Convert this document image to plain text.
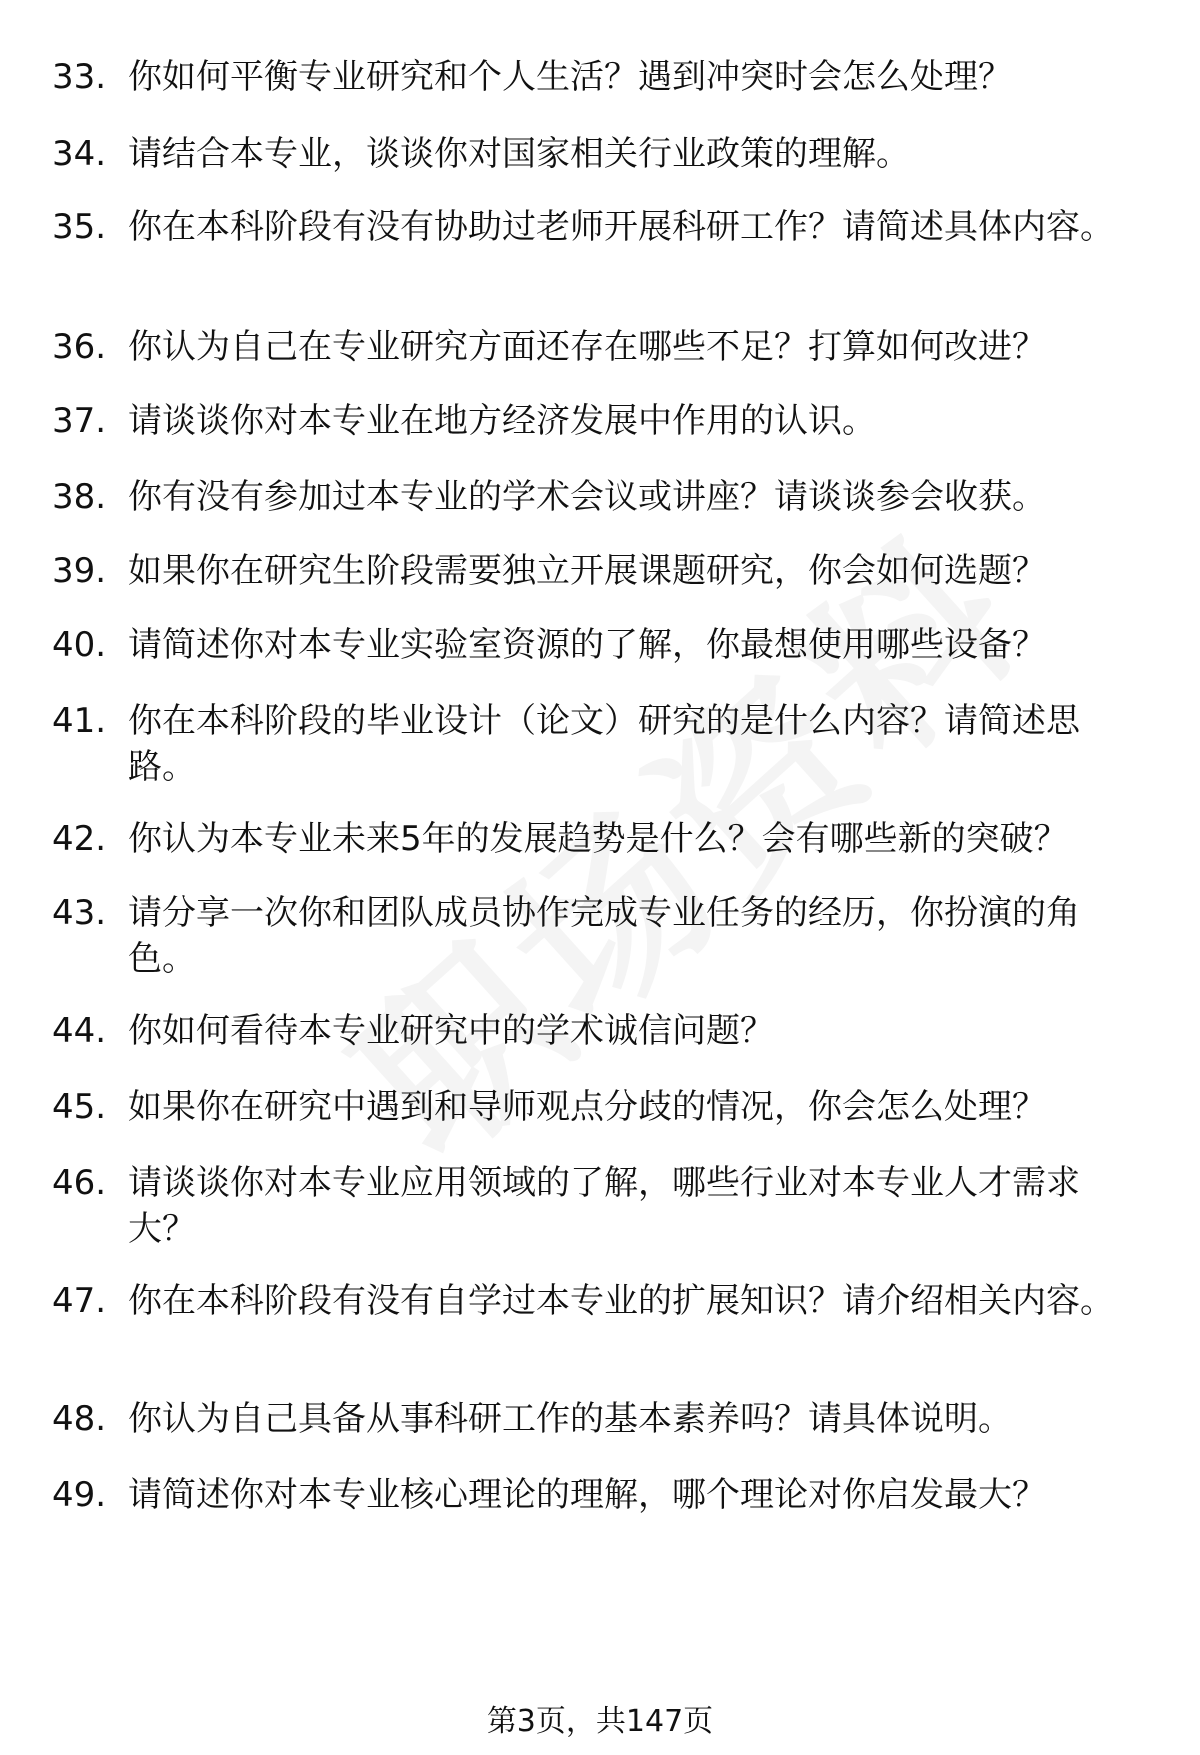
33. 你如何平衡专业研究和个人生活？遇到冲突时会怎么处理？
34. 请结合本专业，谈谈你对国家相关行业政策的理解。
35. 你在本科阶段有没有协助过老师开展科研工作？请简述具体内容。
36. 你认为自己在专业研究方面还存在哪些不足？打算如何改进？
37. 请谈谈你对本专业在地方经济发展中作用的认识。
38. 你有没有参加过本专业的学术会议或讲座？请谈谈参会收获。
39. 如果你在研究生阶段需要独立开展课题研究，你会如何选题？
40. 请简述你对本专业实验室资源的了解，你最想使用哪些设备？
41. 你在本科阶段的毕业设计（论文）研究的是什么内容？请简述思路。
42. 你认为本专业未来5年的发展趋势是什么？会有哪些新的突破？
43. 请分享一次你和团队成员协作完成专业任务的经历，你扮演的角色。
44. 你如何看待本专业研究中的学术诚信问题？
45. 如果你在研究中遇到和导师观点分歧的情况，你会怎么处理？
46. 请谈谈你对本专业应用领域的了解，哪些行业对本专业人才需求大？
47. 你在本科阶段有没有自学过本专业的扩展知识？请介绍相关内容。
48. 你认为自己具备从事科研工作的基本素养吗？请具体说明。
49. 请简述你对本专业核心理论的理解，哪个理论对你启发最大？
第3页，共147页
